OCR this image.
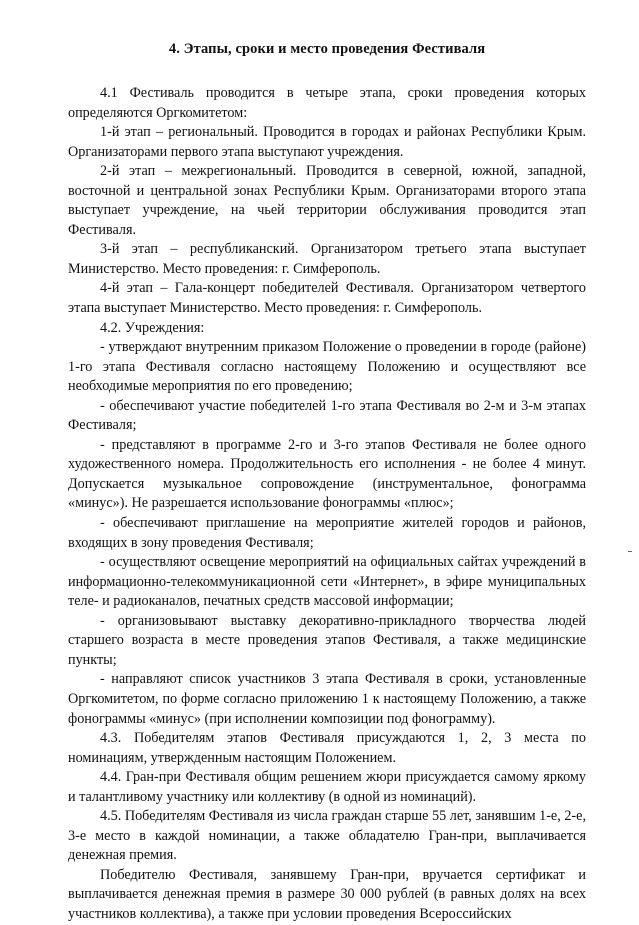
4. Этапы, сроки и место проведения Фестиваля

4.1 Фестиваль проводится в четыре этапа, сроки проведения которых определяются Оргкомитетом:

1-й этап – региональный. Проводится в городах и районах Республики Крым. Организаторами первого этапа выступают учреждения.

2-й этап – межрегиональный. Проводится в северной, южной, западной, восточной и центральной зонах Республики Крым. Организаторами второго этапа выступает учреждение, на чьей территории обслуживания проводится этап Фестиваля.

3-й этап – республиканский. Организатором третьего этапа выступает Министерство. Место проведения: г. Симферополь.

4-й этап – Гала-концерт победителей Фестиваля. Организатором четвертого этапа выступает Министерство. Место проведения: г. Симферополь.

4.2. Учреждения:

- утверждают внутренним приказом Положение о проведении в городе (районе) 1-го этапа Фестиваля согласно настоящему Положению и осуществляют все необходимые мероприятия по его проведению;

- обеспечивают участие победителей 1-го этапа Фестиваля во 2-м и 3-м этапах Фестиваля;

- представляют в программе 2-го и 3-го этапов Фестиваля не более одного художественного номера. Продолжительность его исполнения - не более 4 минут. Допускается музыкальное сопровождение (инструментальное, фонограмма «минус»). Не разрешается использование фонограммы «плюс»;

- обеспечивают приглашение на мероприятие жителей городов и районов, входящих в зону проведения Фестиваля;

- осуществляют освещение мероприятий на официальных сайтах учреждений в информационно-телекоммуникационной сети «Интернет», в эфире муниципальных теле- и радиоканалов, печатных средств массовой информации;

- организовывают выставку декоративно-прикладного творчества людей старшего возраста в месте проведения этапов Фестиваля, а также медицинские пункты;

- направляют список участников 3 этапа Фестиваля в сроки, установленные Оргкомитетом, по форме согласно приложению 1 к настоящему Положению, а также фонограммы «минус» (при исполнении композиции под фонограмму).

4.3. Победителям этапов Фестиваля присуждаются 1, 2, 3 места по номинациям, утвержденным настоящим Положением.

4.4. Гран-при Фестиваля общим решением жюри присуждается самому яркому и талантливому участнику или коллективу (в одной из номинаций).

4.5. Победителям Фестиваля из числа граждан старше 55 лет, занявшим 1-е, 2-е, 3-е место в каждой номинации, а также обладателю Гран-при, выплачивается денежная премия.

Победителю Фестиваля, занявшему Гран-при, вручается сертификат и выплачивается денежная премия в размере 30 000 рублей (в равных долях на всех участников коллектива), а также при условии проведения Всероссийских
